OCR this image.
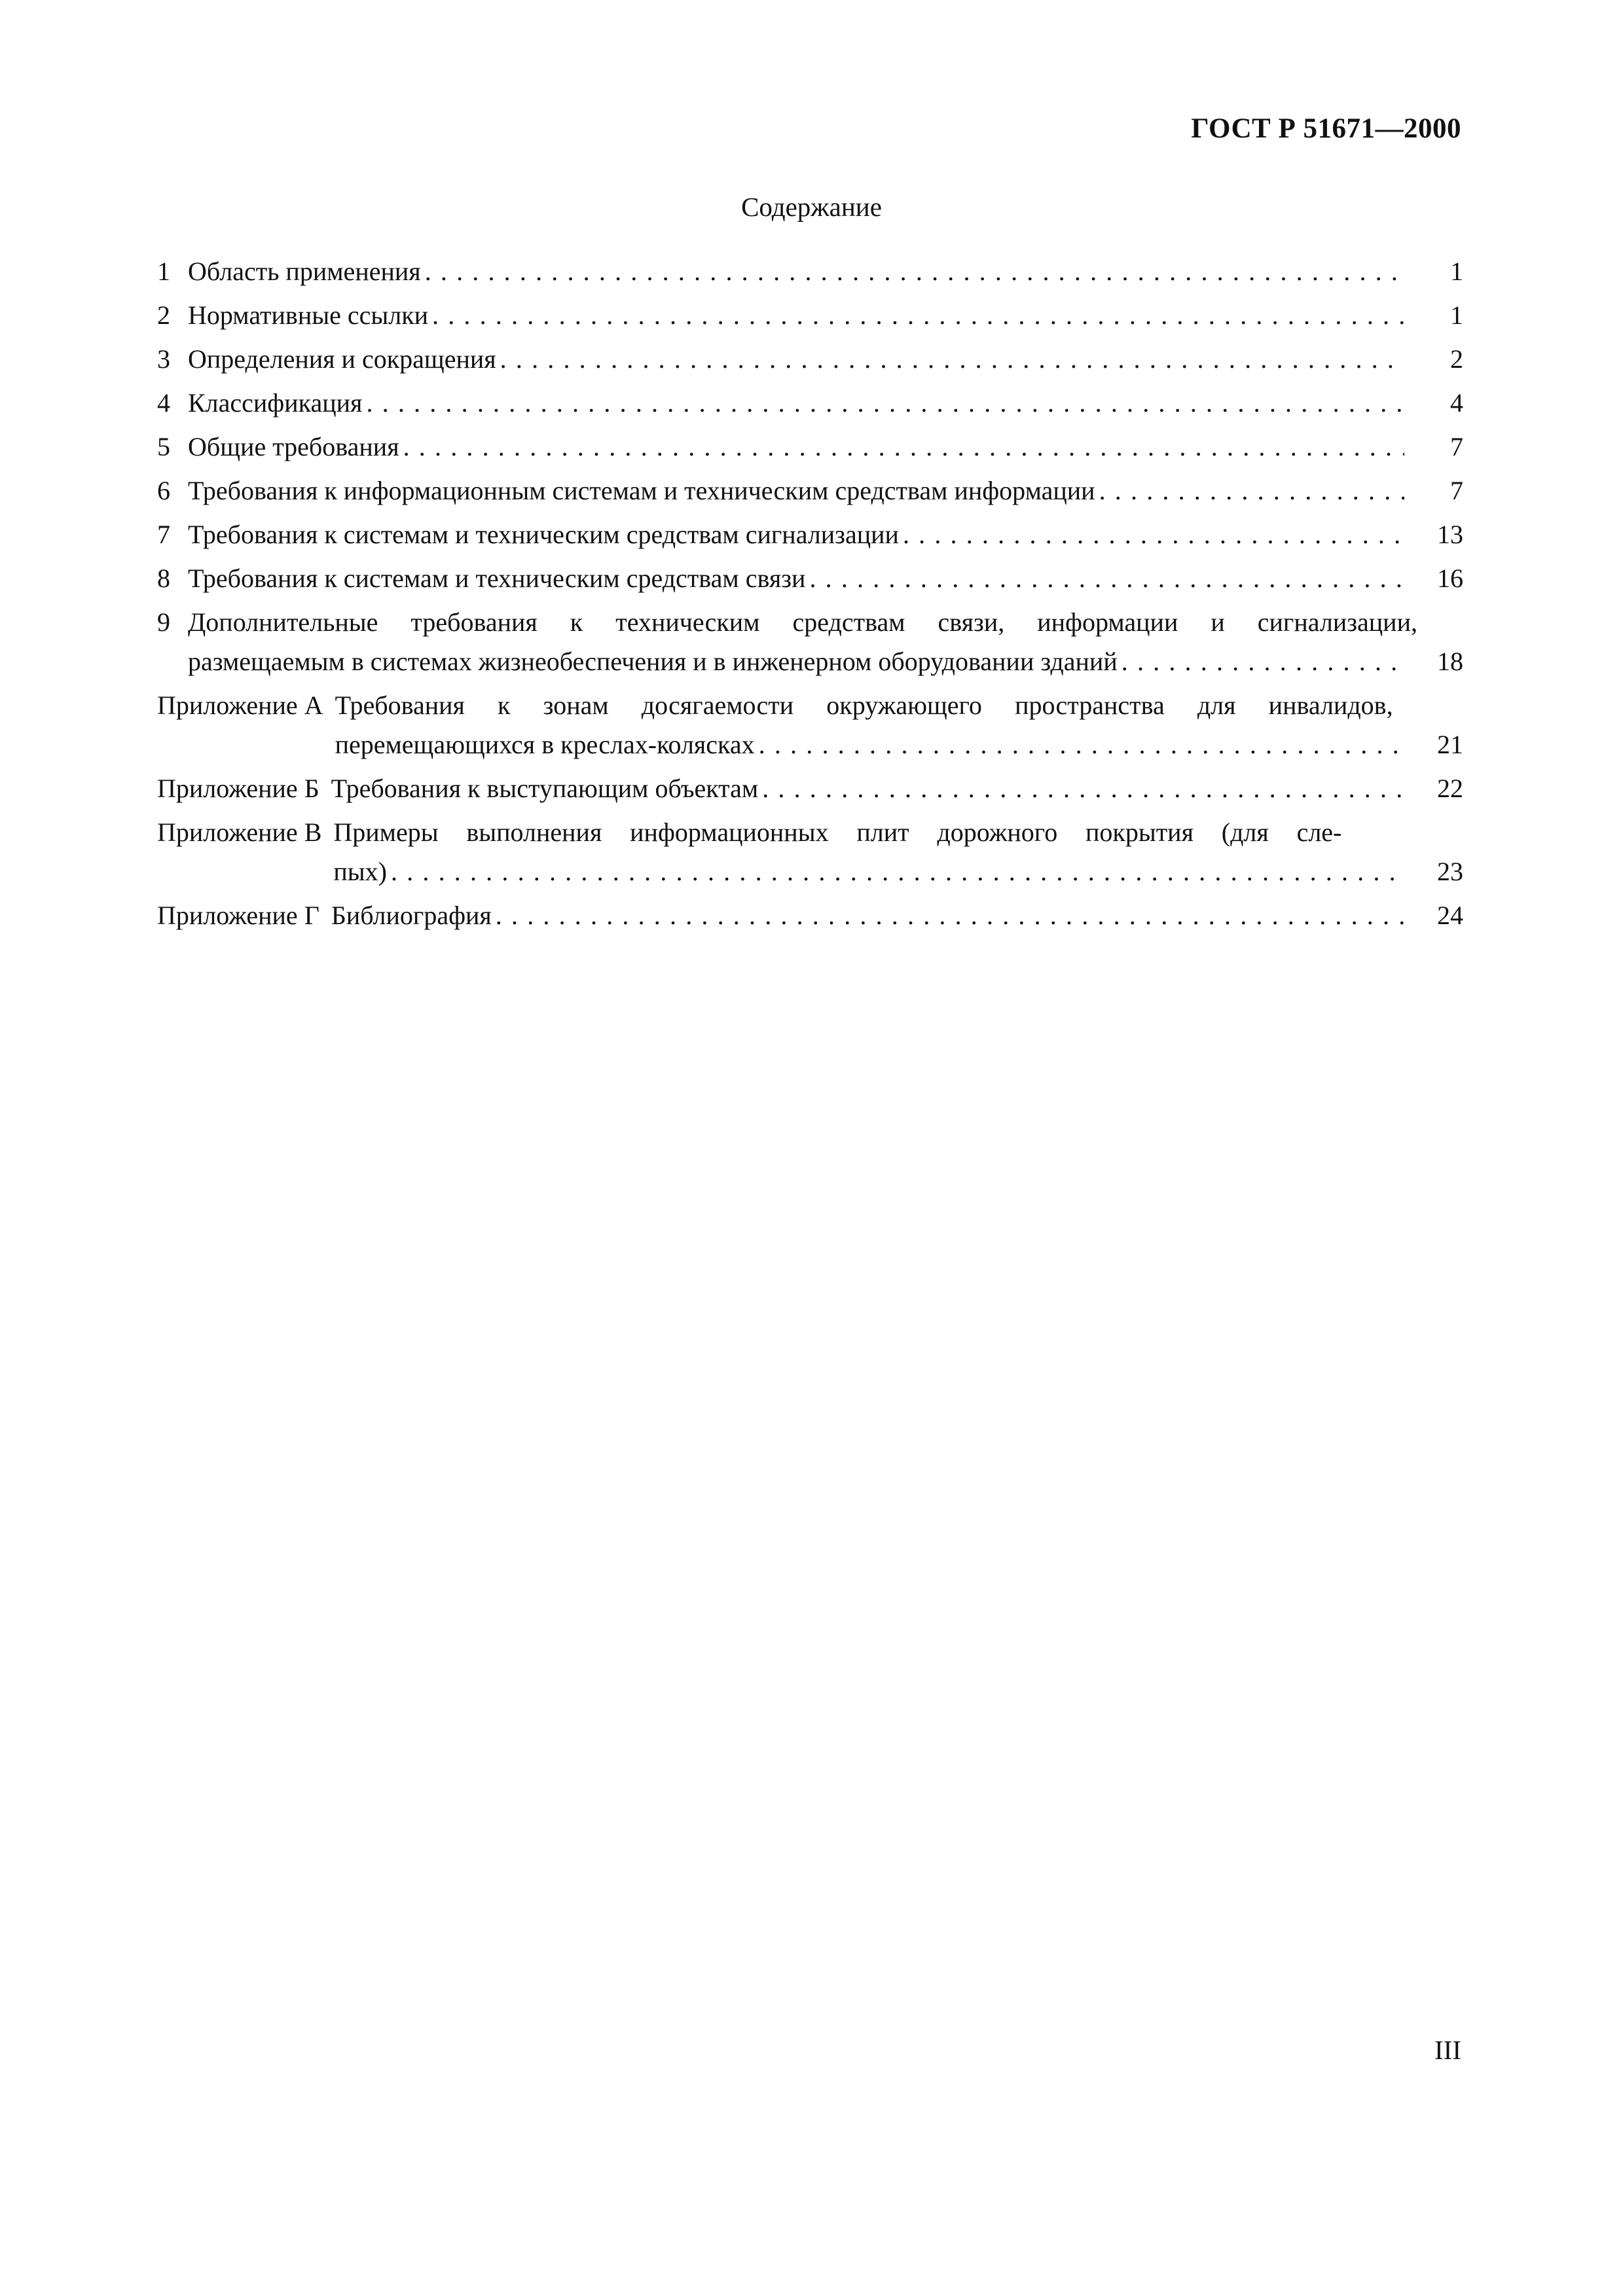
ГОСТ Р 51671—2000
Содержание
1 Область применения . . .	1
2 Нормативные ссылки . . .	1
3 Определения и сокращения . . .	2
4 Классификация . . .	4
5 Общие требования . . .	7
6 Требования к информационным системам и техническим средствам информации . . .	7
7 Требования к системам и техническим средствам сигнализации . . .	13
8 Требования к системам и техническим средствам связи . . .	16
9 Дополнительные требования к техническим средствам связи, информации и сигнализации,
размещаемым в системах жизнеобеспечения и в инженерном оборудовании зданий . . .	18
Приложение А Требования к зонам досягаемости окружающего пространства для инвалидов,
перемещающихся в креслах-колясках . . .	21
Приложение Б Требования к выступающим объектам . . .	22
Приложение В Примеры выполнения информационных плит дорожного покрытия (для сле-
пых) . . .	23
Приложение Г Библиография . . .	24
III
